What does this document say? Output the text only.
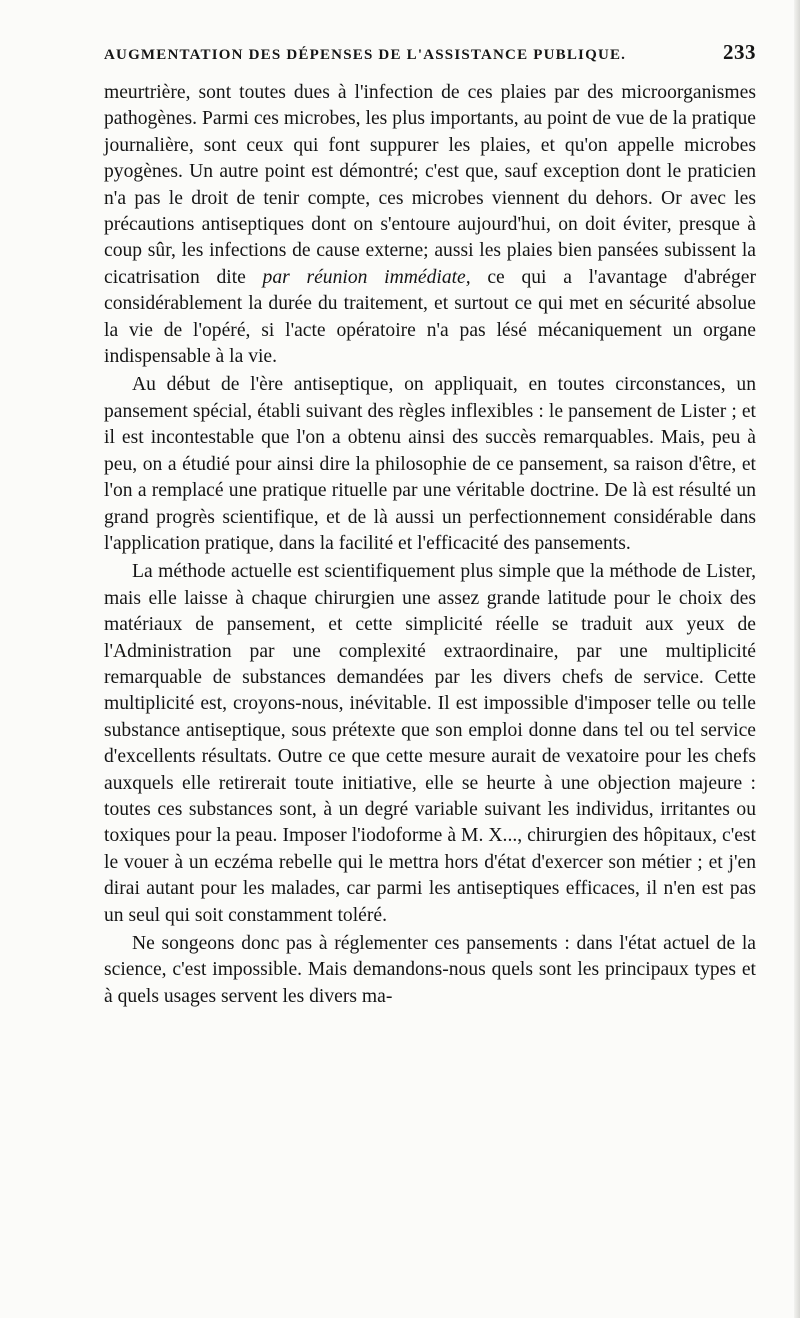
AUGMENTATION DES DÉPENSES DE L'ASSISTANCE PUBLIQUE.	233

meurtrière, sont toutes dues à l'infection de ces plaies par des microorganismes pathogènes. Parmi ces microbes, les plus importants, au point de vue de la pratique journalière, sont ceux qui font suppurer les plaies, et qu'on appelle microbes pyogènes. Un autre point est démontré; c'est que, sauf exception dont le praticien n'a pas le droit de tenir compte, ces microbes viennent du dehors. Or avec les précautions antiseptiques dont on s'entoure aujourd'hui, on doit éviter, presque à coup sûr, les infections de cause externe; aussi les plaies bien pansées subissent la cicatrisation dite par réunion immédiate, ce qui a l'avantage d'abréger considérablement la durée du traitement, et surtout ce qui met en sécurité absolue la vie de l'opéré, si l'acte opératoire n'a pas lésé mécaniquement un organe indispensable à la vie.

Au début de l'ère antiseptique, on appliquait, en toutes circonstances, un pansement spécial, établi suivant des règles inflexibles : le pansement de Lister ; et il est incontestable que l'on a obtenu ainsi des succès remarquables. Mais, peu à peu, on a étudié pour ainsi dire la philosophie de ce pansement, sa raison d'être, et l'on a remplacé une pratique rituelle par une véritable doctrine. De là est résulté un grand progrès scientifique, et de là aussi un perfectionnement considérable dans l'application pratique, dans la facilité et l'efficacité des pansements.

La méthode actuelle est scientifiquement plus simple que la méthode de Lister, mais elle laisse à chaque chirurgien une assez grande latitude pour le choix des matériaux de pansement, et cette simplicité réelle se traduit aux yeux de l'Administration par une complexité extraordinaire, par une multiplicité remarquable de substances demandées par les divers chefs de service. Cette multiplicité est, croyons-nous, inévitable. Il est impossible d'imposer telle ou telle substance antiseptique, sous prétexte que son emploi donne dans tel ou tel service d'excellents résultats. Outre ce que cette mesure aurait de vexatoire pour les chefs auxquels elle retirerait toute initiative, elle se heurte à une objection majeure : toutes ces substances sont, à un degré variable suivant les individus, irritantes ou toxiques pour la peau. Imposer l'iodoforme à M. X..., chirurgien des hôpitaux, c'est le vouer à un eczéma rebelle qui le mettra hors d'état d'exercer son métier ; et j'en dirai autant pour les malades, car parmi les antiseptiques efficaces, il n'en est pas un seul qui soit constamment toléré.

Ne songeons donc pas à réglementer ces pansements : dans l'état actuel de la science, c'est impossible. Mais demandons-nous quels sont les principaux types et à quels usages servent les divers ma-
